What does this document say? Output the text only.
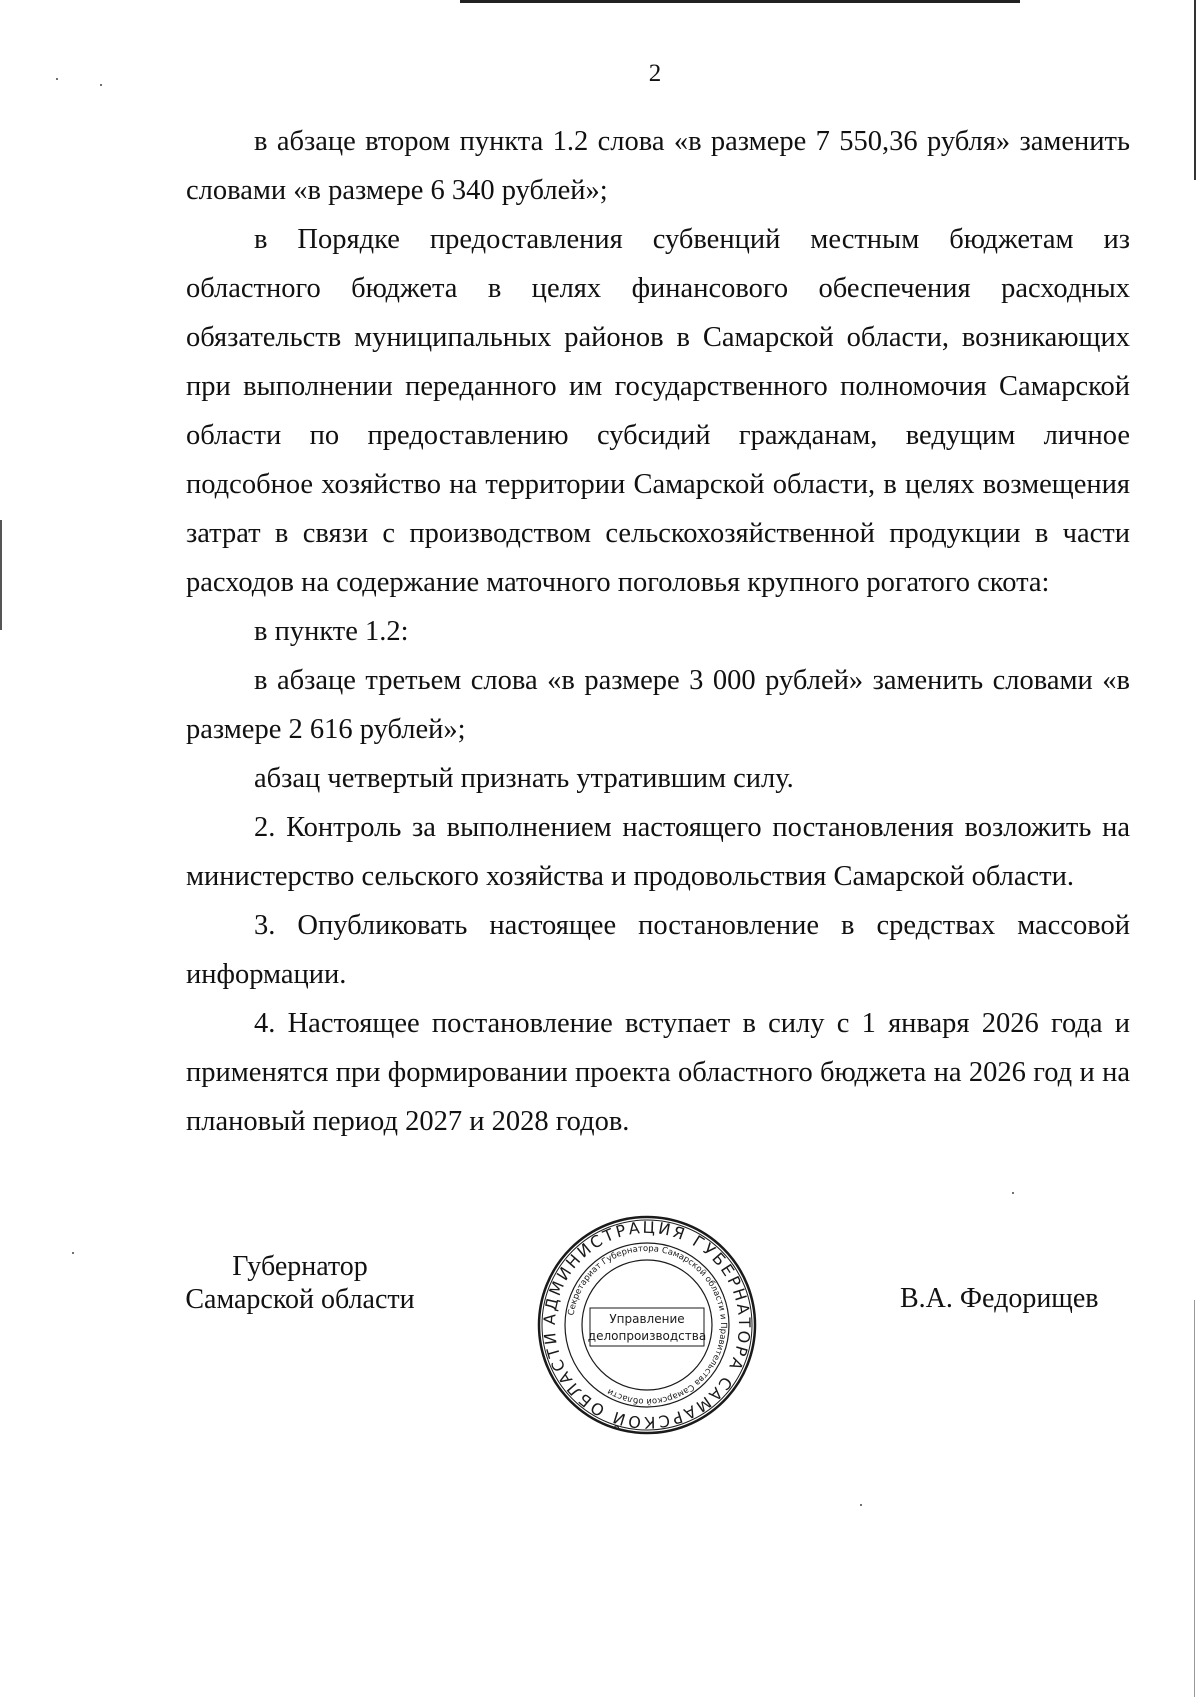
2

в абзаце втором пункта 1.2 слова «в размере 7 550,36 рубля» заменить словами «в размере 6 340 рублей»;

в Порядке предоставления субвенций местным бюджетам из областного бюджета в целях финансового обеспечения расходных обязательств муниципальных районов в Самарской области, возникающих при выполнении переданного им государственного полномочия Самарской области по предоставлению субсидий гражданам, ведущим личное подсобное хозяйство на территории Самарской области, в целях возмещения затрат в связи с производством сельскохозяйственной продукции в части расходов на содержание маточного поголовья крупного рогатого скота:

в пункте 1.2:

в абзаце третьем слова «в размере 3 000 рублей» заменить словами «в размере 2 616 рублей»;

абзац четвертый признать утратившим силу.

2. Контроль за выполнением настоящего постановления возложить на министерство сельского хозяйства и продовольствия Самарской области.

3. Опубликовать настоящее постановление в средствах массовой информации.

4. Настоящее постановление вступает в силу с 1 января 2026 года и применятся при формировании проекта областного бюджета на 2026 год и на плановый период 2027 и 2028 годов.

Губернатор
Самарской области
АДМИНИСТРАЦИЯ ГУБЕРНАТОРА САМАРСКОЙ ОБЛАСТИ
Секретариат Губернатора Самарской области и Правительства Самарской области
Управление
делопроизводства
В.А. Федорищев
